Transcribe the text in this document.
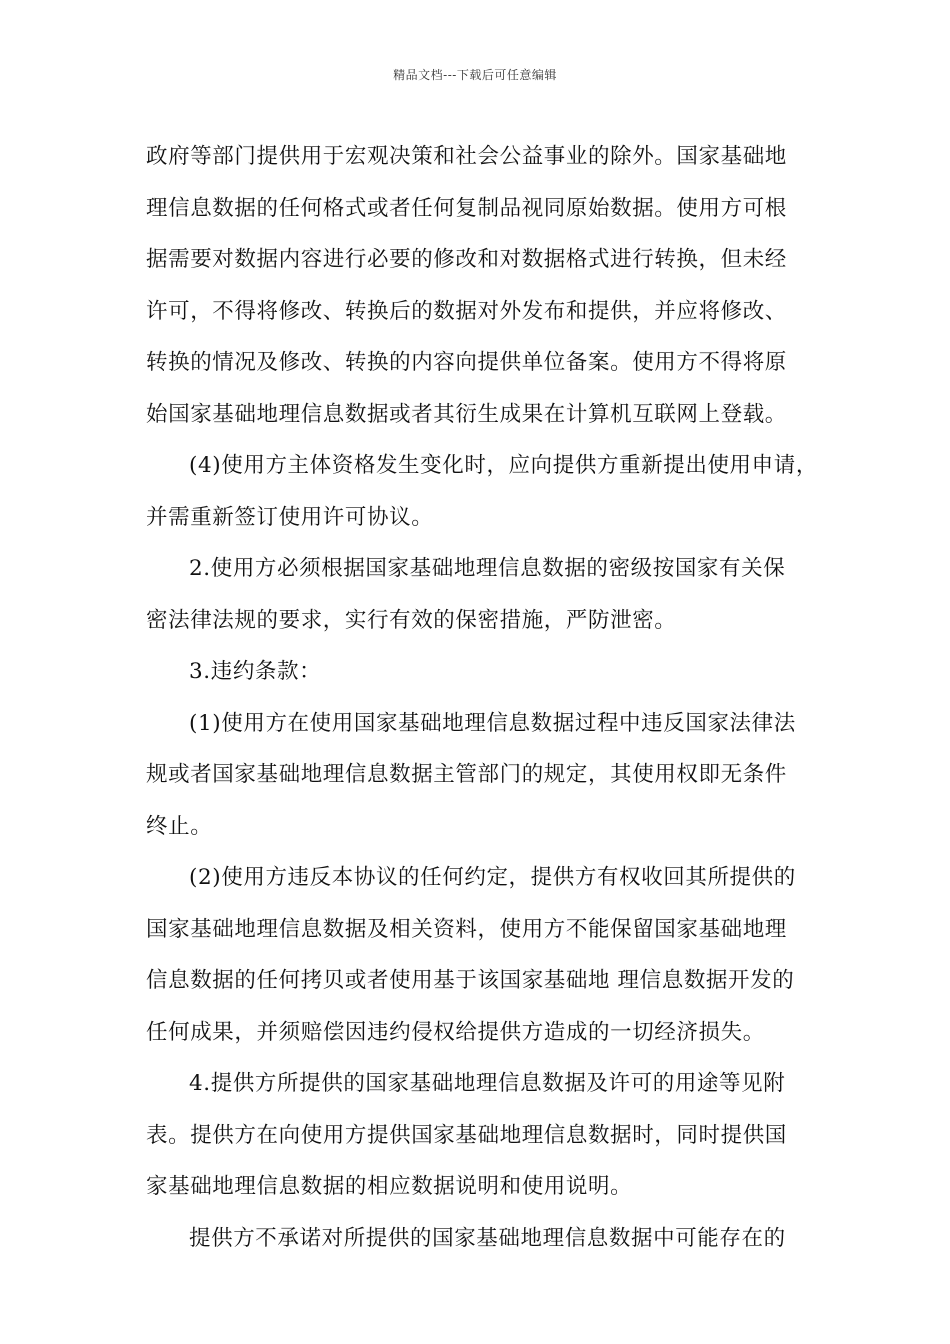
精品文档---下载后可任意编辑
政府等部门提供用于宏观决策和社会公益事业的除外。国家基础地
理信息数据的任何格式或者任何复制品视同原始数据。使用方可根
据需要对数据内容进行必要的修改和对数据格式进行转换，但未经
许可，不得将修改、转换后的数据对外发布和提供，并应将修改、
转换的情况及修改、转换的内容向提供单位备案。使用方不得将原
始国家基础地理信息数据或者其衍生成果在计算机互联网上登载。
(4)使用方主体资格发生变化时，应向提供方重新提出使用申请，
并需重新签订使用许可协议。
2.使用方必须根据国家基础地理信息数据的密级按国家有关保
密法律法规的要求，实行有效的保密措施，严防泄密。
3.违约条款：
(1)使用方在使用国家基础地理信息数据过程中违反国家法律法
规或者国家基础地理信息数据主管部门的规定，其使用权即无条件
终止。
(2)使用方违反本协议的任何约定，提供方有权收回其所提供的
国家基础地理信息数据及相关资料，使用方不能保留国家基础地理
信息数据的任何拷贝或者使用基于该国家基础地 理信息数据开发的
任何成果，并须赔偿因违约侵权给提供方造成的一切经济损失。
4.提供方所提供的国家基础地理信息数据及许可的用途等见附
表。提供方在向使用方提供国家基础地理信息数据时，同时提供国
家基础地理信息数据的相应数据说明和使用说明。
提供方不承诺对所提供的国家基础地理信息数据中可能存在的
